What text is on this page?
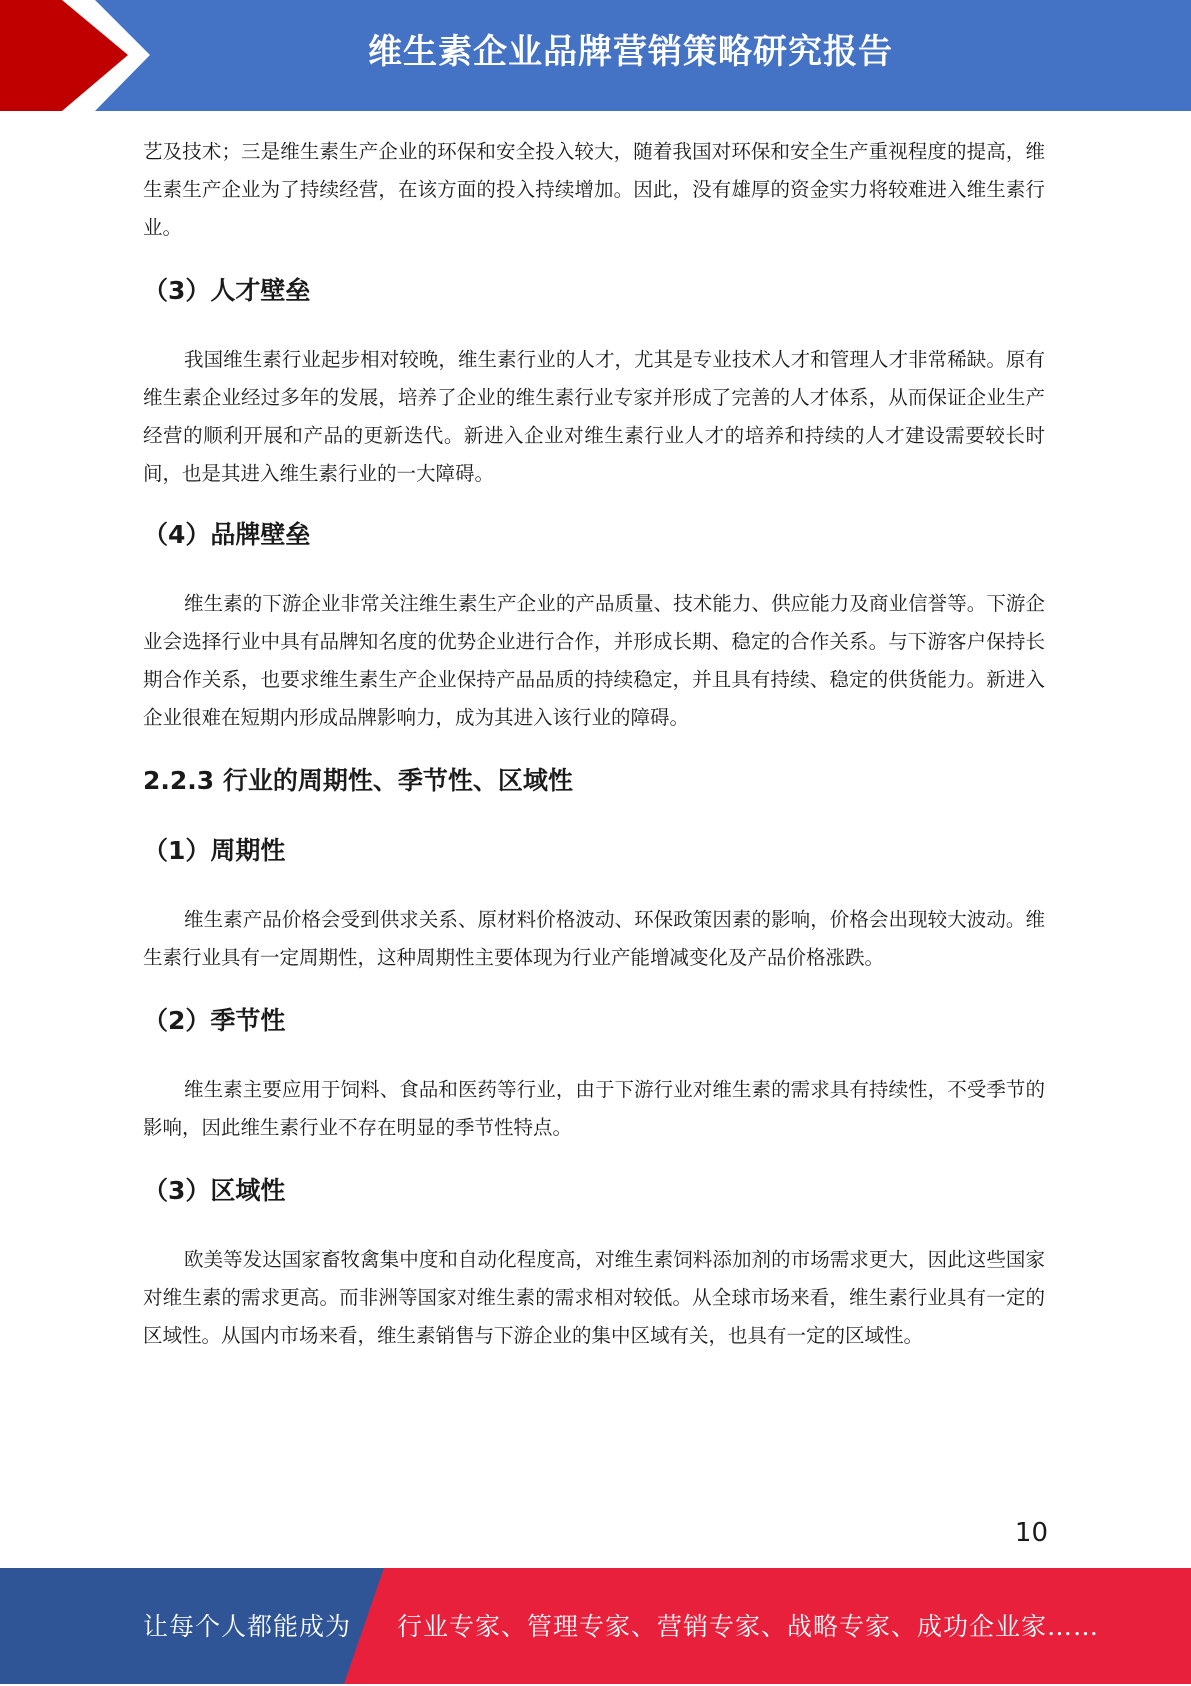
维生素企业品牌营销策略研究报告

艺及技术；三是维生素生产企业的环保和安全投入较大，随着我国对环保和安全生产重视程度的提高，维生素生产企业为了持续经营，在该方面的投入持续增加。因此，没有雄厚的资金实力将较难进入维生素行业。

（3）人才壁垒

我国维生素行业起步相对较晚，维生素行业的人才，尤其是专业技术人才和管理人才非常稀缺。原有维生素企业经过多年的发展，培养了企业的维生素行业专家并形成了完善的人才体系，从而保证企业生产经营的顺利开展和产品的更新迭代。新进入企业对维生素行业人才的培养和持续的人才建设需要较长时间，也是其进入维生素行业的一大障碍。

（4）品牌壁垒

维生素的下游企业非常关注维生素生产企业的产品质量、技术能力、供应能力及商业信誉等。下游企业会选择行业中具有品牌知名度的优势企业进行合作，并形成长期、稳定的合作关系。与下游客户保持长期合作关系，也要求维生素生产企业保持产品品质的持续稳定，并且具有持续、稳定的供货能力。新进入企业很难在短期内形成品牌影响力，成为其进入该行业的障碍。

2.2.3 行业的周期性、季节性、区域性
（1）周期性

维生素产品价格会受到供求关系、原材料价格波动、环保政策因素的影响，价格会出现较大波动。维生素行业具有一定周期性，这种周期性主要体现为行业产能增减变化及产品价格涨跌。

（2）季节性

维生素主要应用于饲料、食品和医药等行业，由于下游行业对维生素的需求具有持续性，不受季节的影响，因此维生素行业不存在明显的季节性特点。

（3）区域性

欧美等发达国家畜牧禽集中度和自动化程度高，对维生素饲料添加剂的市场需求更大，因此这些国家对维生素的需求更高。而非洲等国家对维生素的需求相对较低。从全球市场来看，维生素行业具有一定的区域性。从国内市场来看，维生素销售与下游企业的集中区域有关，也具有一定的区域性。

10
让每个人都能成为 行业专家、管理专家、营销专家、战略专家、成功企业家……
